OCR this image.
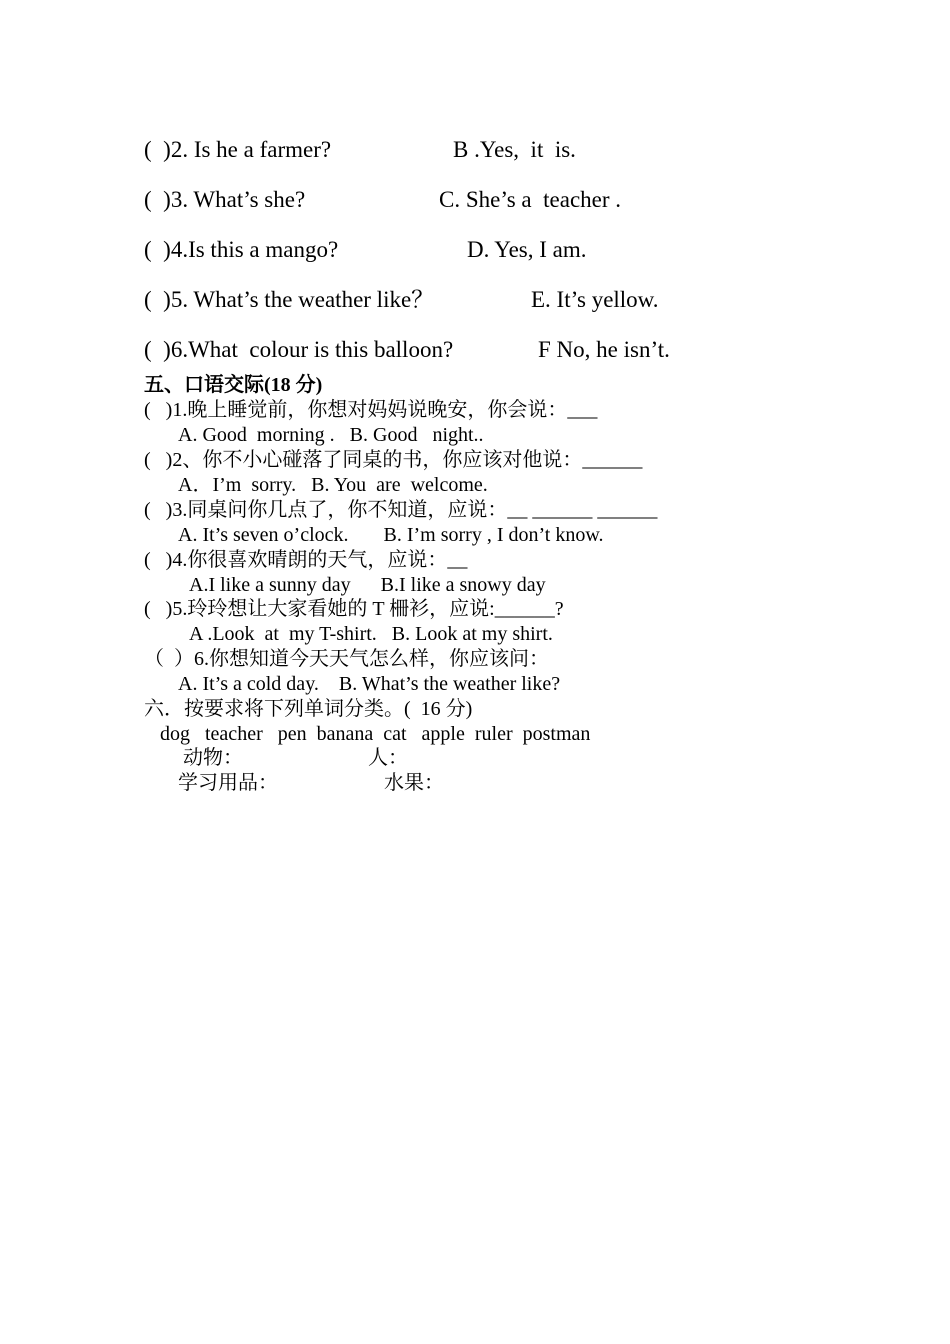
(  )2. Is he a farmer?	B .Yes,  it  is.
(  )3. What’s she?	C. She’s a  teacher .
(  )4.Is this a mango?	D. Yes, I am.
(  )5. What’s the weather like？	E. It’s yellow.
(  )6.What  colour is this balloon?	F No, he isn’t.
五、口语交际(18 分)
(   )1.晚上睡觉前，你想对妈妈说晚安，你会说：___
A. Good  morning .   B. Good   night..
(   )2、你不小心碰落了同桌的书，你应该对他说：______
A．I’m  sorry.   B. You  are  welcome.
(   )3.同桌问你几点了，你不知道，应说：__ ______ ______
A. It’s seven o’clock.       B. I’m sorry , I don’t know.
(   )4.你很喜欢晴朗的天气，应说：__
A.I like a sunny day      B.I like a snowy day
(   )5.玲玲想让大家看她的 T 柵衫，应说:______?
A .Look  at  my T-shirt.   B. Look at my shirt.
（  ）6.你想知道今天天气怎么样，你应该问：
A. It’s a cold day.    B. What’s the weather like?
六．按要求将下列单词分类。(  16 分)
dog   teacher   pen  banana  cat   apple  ruler  postman
动物：	人：
学习用品：	水果：
